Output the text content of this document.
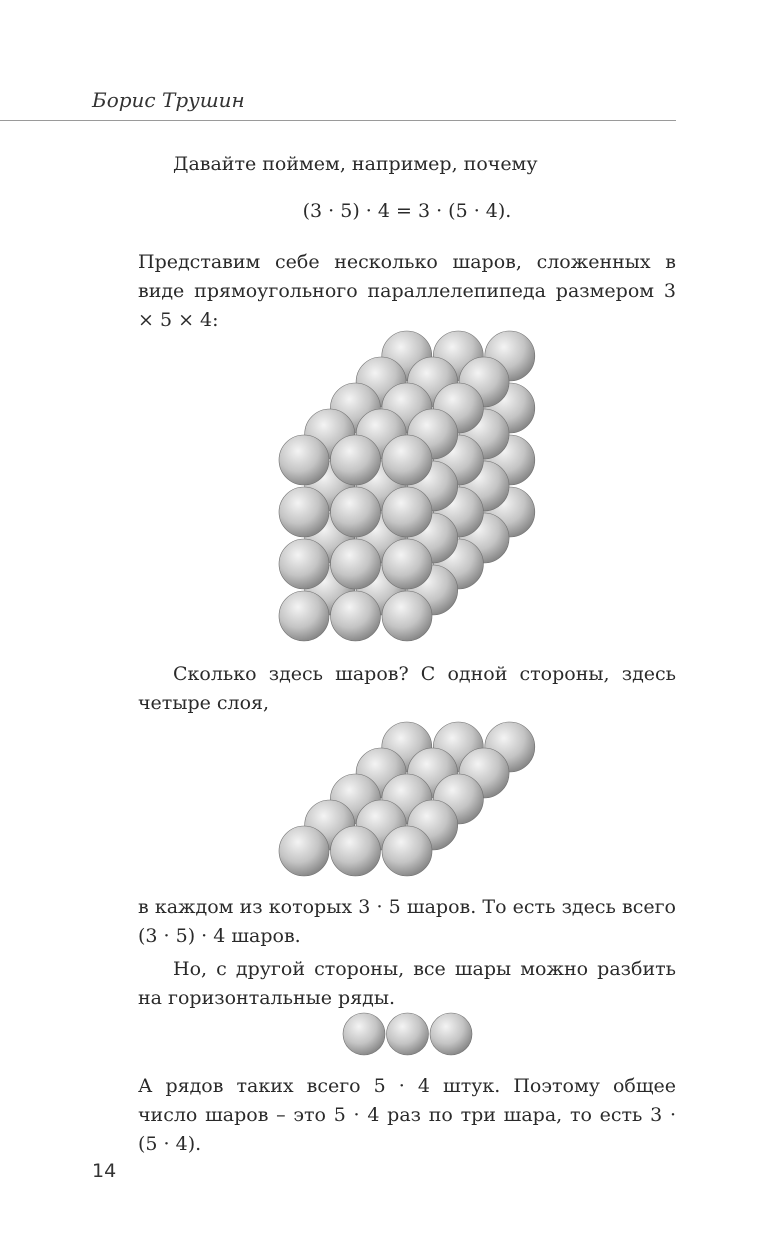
Борис Трушин
Давайте поймем, например, почему
(3 · 5) · 4 = 3 · (5 · 4).
Представим себе несколько шаров, сложенных в виде прямоугольного параллелепипеда размером 3 × 5 × 4:
Сколько здесь шаров? С одной стороны, здесь четыре слоя,
в каждом из которых 3 · 5 шаров. То есть здесь всего (3 · 5) · 4 шаров.
Но, с другой стороны, все шары можно разбить на горизонтальные ряды.
А рядов таких всего 5 · 4 штук. Поэтому общее число шаров – это 5 · 4 раз по три шара, то есть 3 · (5 · 4).
14
